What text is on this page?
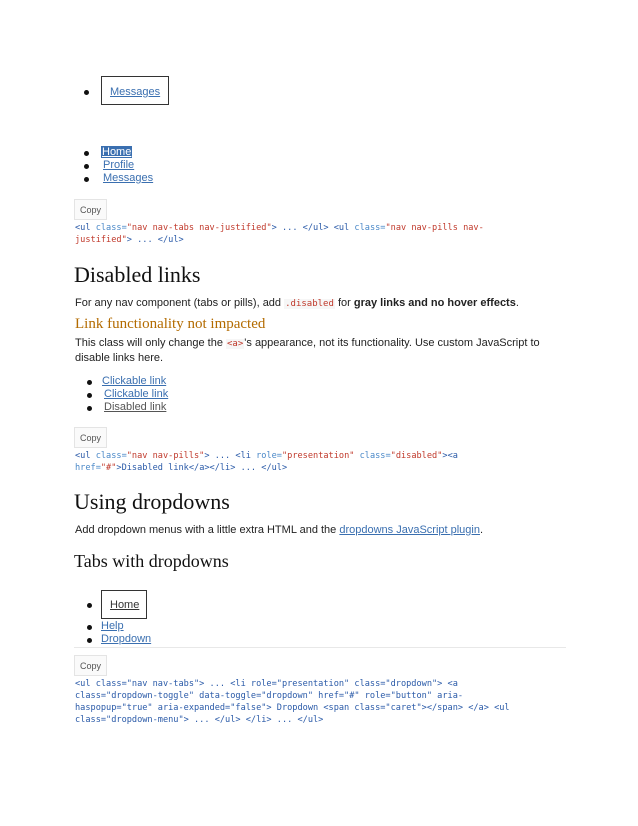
Messages
Home
Profile
Messages
Copy
<ul class="nav nav-tabs nav-justified"> ... </ul> <ul class="nav nav-pills nav-
justified"> ... </ul>
Disabled links
For any nav component (tabs or pills), add .disabled for gray links and no hover effects.
Link functionality not impacted
This class will only change the <a>'s appearance, not its functionality. Use custom JavaScript to
disable links here.
Clickable link
Clickable link
Disabled link
Copy
<ul class="nav nav-pills"> ... <li role="presentation" class="disabled"><a
href="#">Disabled link</a></li> ... </ul>
Using dropdowns
Add dropdown menus with a little extra HTML and the dropdowns JavaScript plugin.
Tabs with dropdowns
Home
Help
Dropdown
Copy
<ul class="nav nav-tabs"> ... <li role="presentation" class="dropdown"> <a
class="dropdown-toggle" data-toggle="dropdown" href="#" role="button" aria-
haspopup="true" aria-expanded="false"> Dropdown <span class="caret"></span> </a> <ul
class="dropdown-menu"> ... </ul> </li> ... </ul>
